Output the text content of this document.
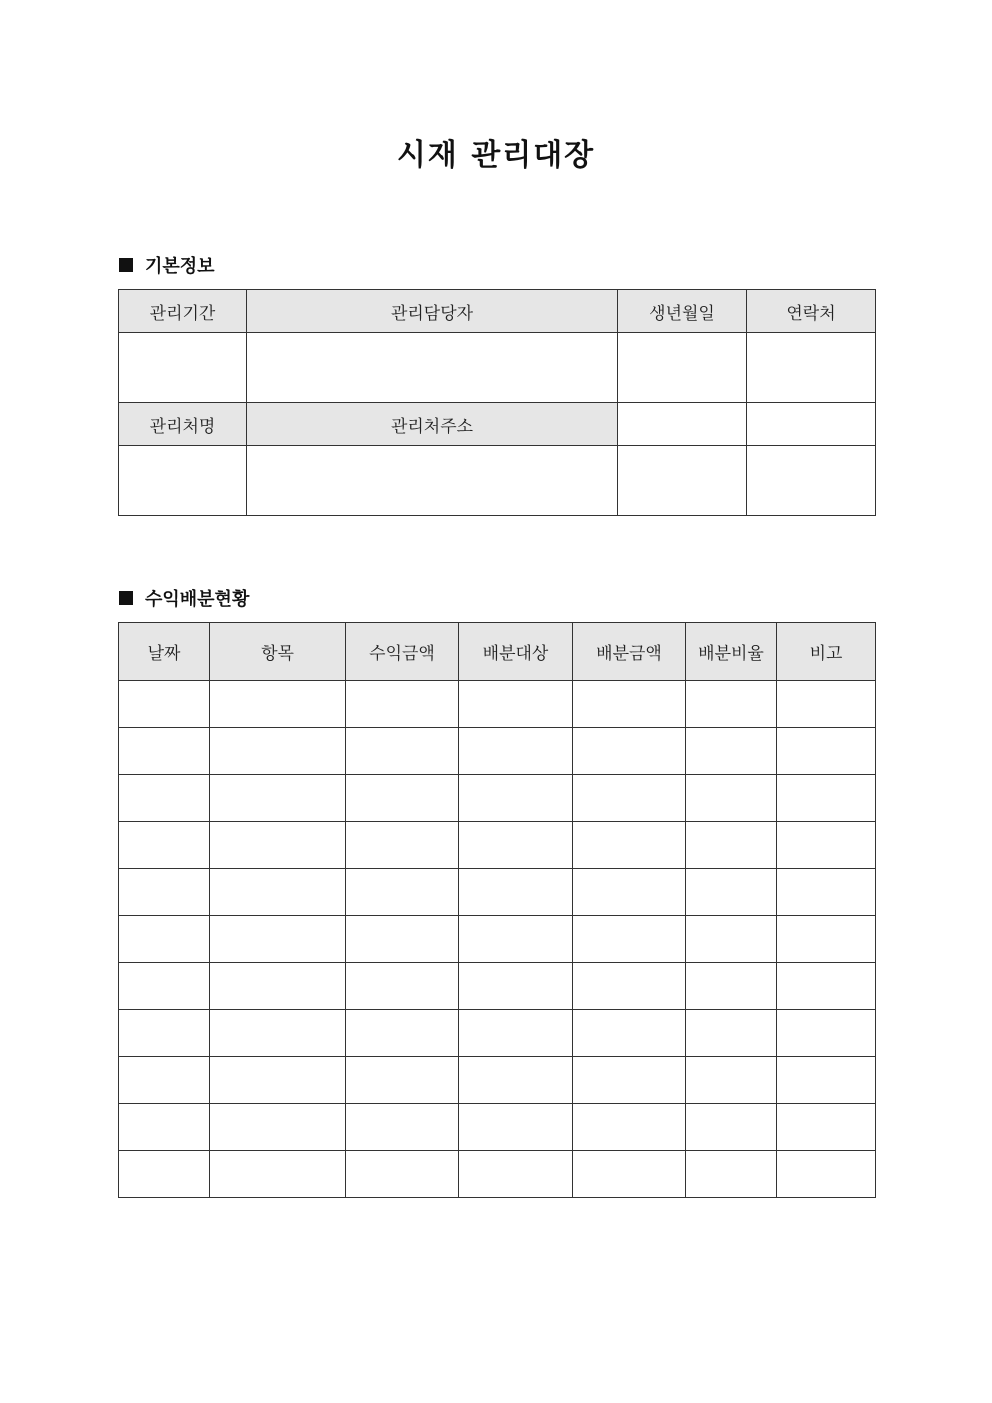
시재 관리대장
기본정보
관리기간	관리담당자	생년월일	연락처

관리처명	관리처주소		

수익배분현황
날짜	항목	수익금액	배분대상	배분금액	배분비율	비고
